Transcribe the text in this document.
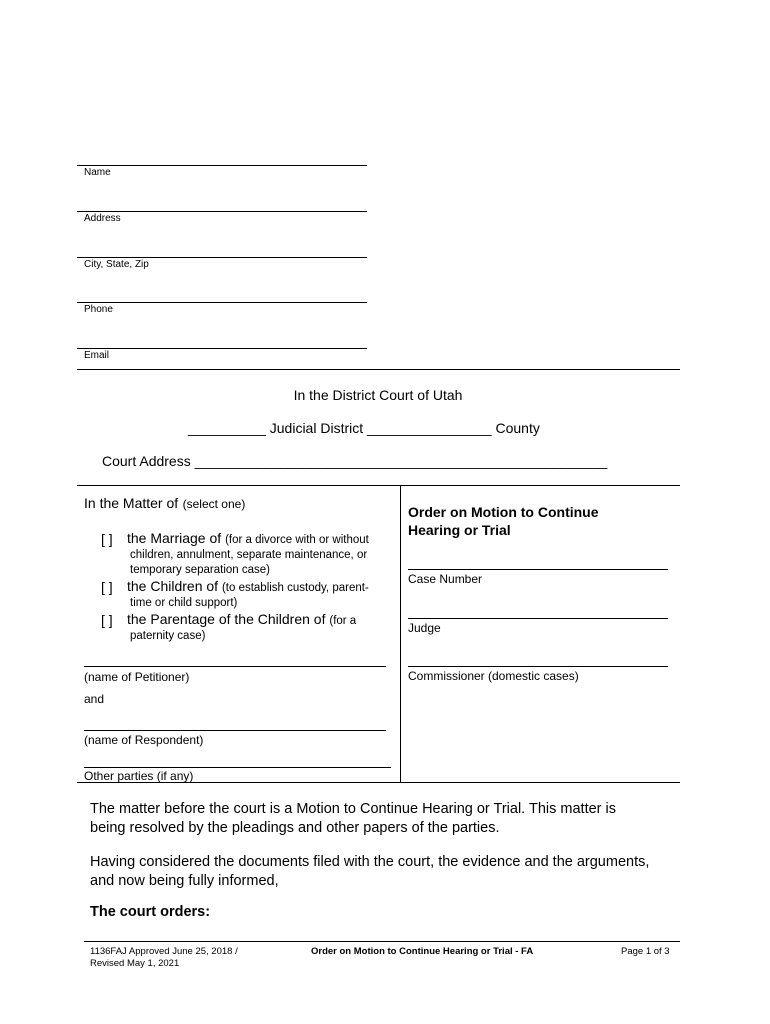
Name
Address
City, State, Zip
Phone
Email
In the District Court of Utah
__________ Judicial District ________________ County
Court Address _____________________________________________________
In the Matter of (select one)
[ ] the Marriage of (for a divorce with or without
children, annulment, separate maintenance, or
temporary separation case)
[ ] the Children of (to establish custody, parent-
time or child support)
[ ] the Parentage of the Children of (for a
paternity case)
(name of Petitioner)
and
(name of Respondent)
Other parties (if any)
Order on Motion to Continue
Hearing or Trial
Case Number
Judge
Commissioner (domestic cases)
The matter before the court is a Motion to Continue Hearing or Trial. This matter is
being resolved by the pleadings and other papers of the parties.
Having considered the documents filed with the court, the evidence and the arguments,
and now being fully informed,
The court orders:
1136FAJ Approved June 25, 2018 /
Revised May 1, 2021
Order on Motion to Continue Hearing or Trial - FA	Page 1 of 3
